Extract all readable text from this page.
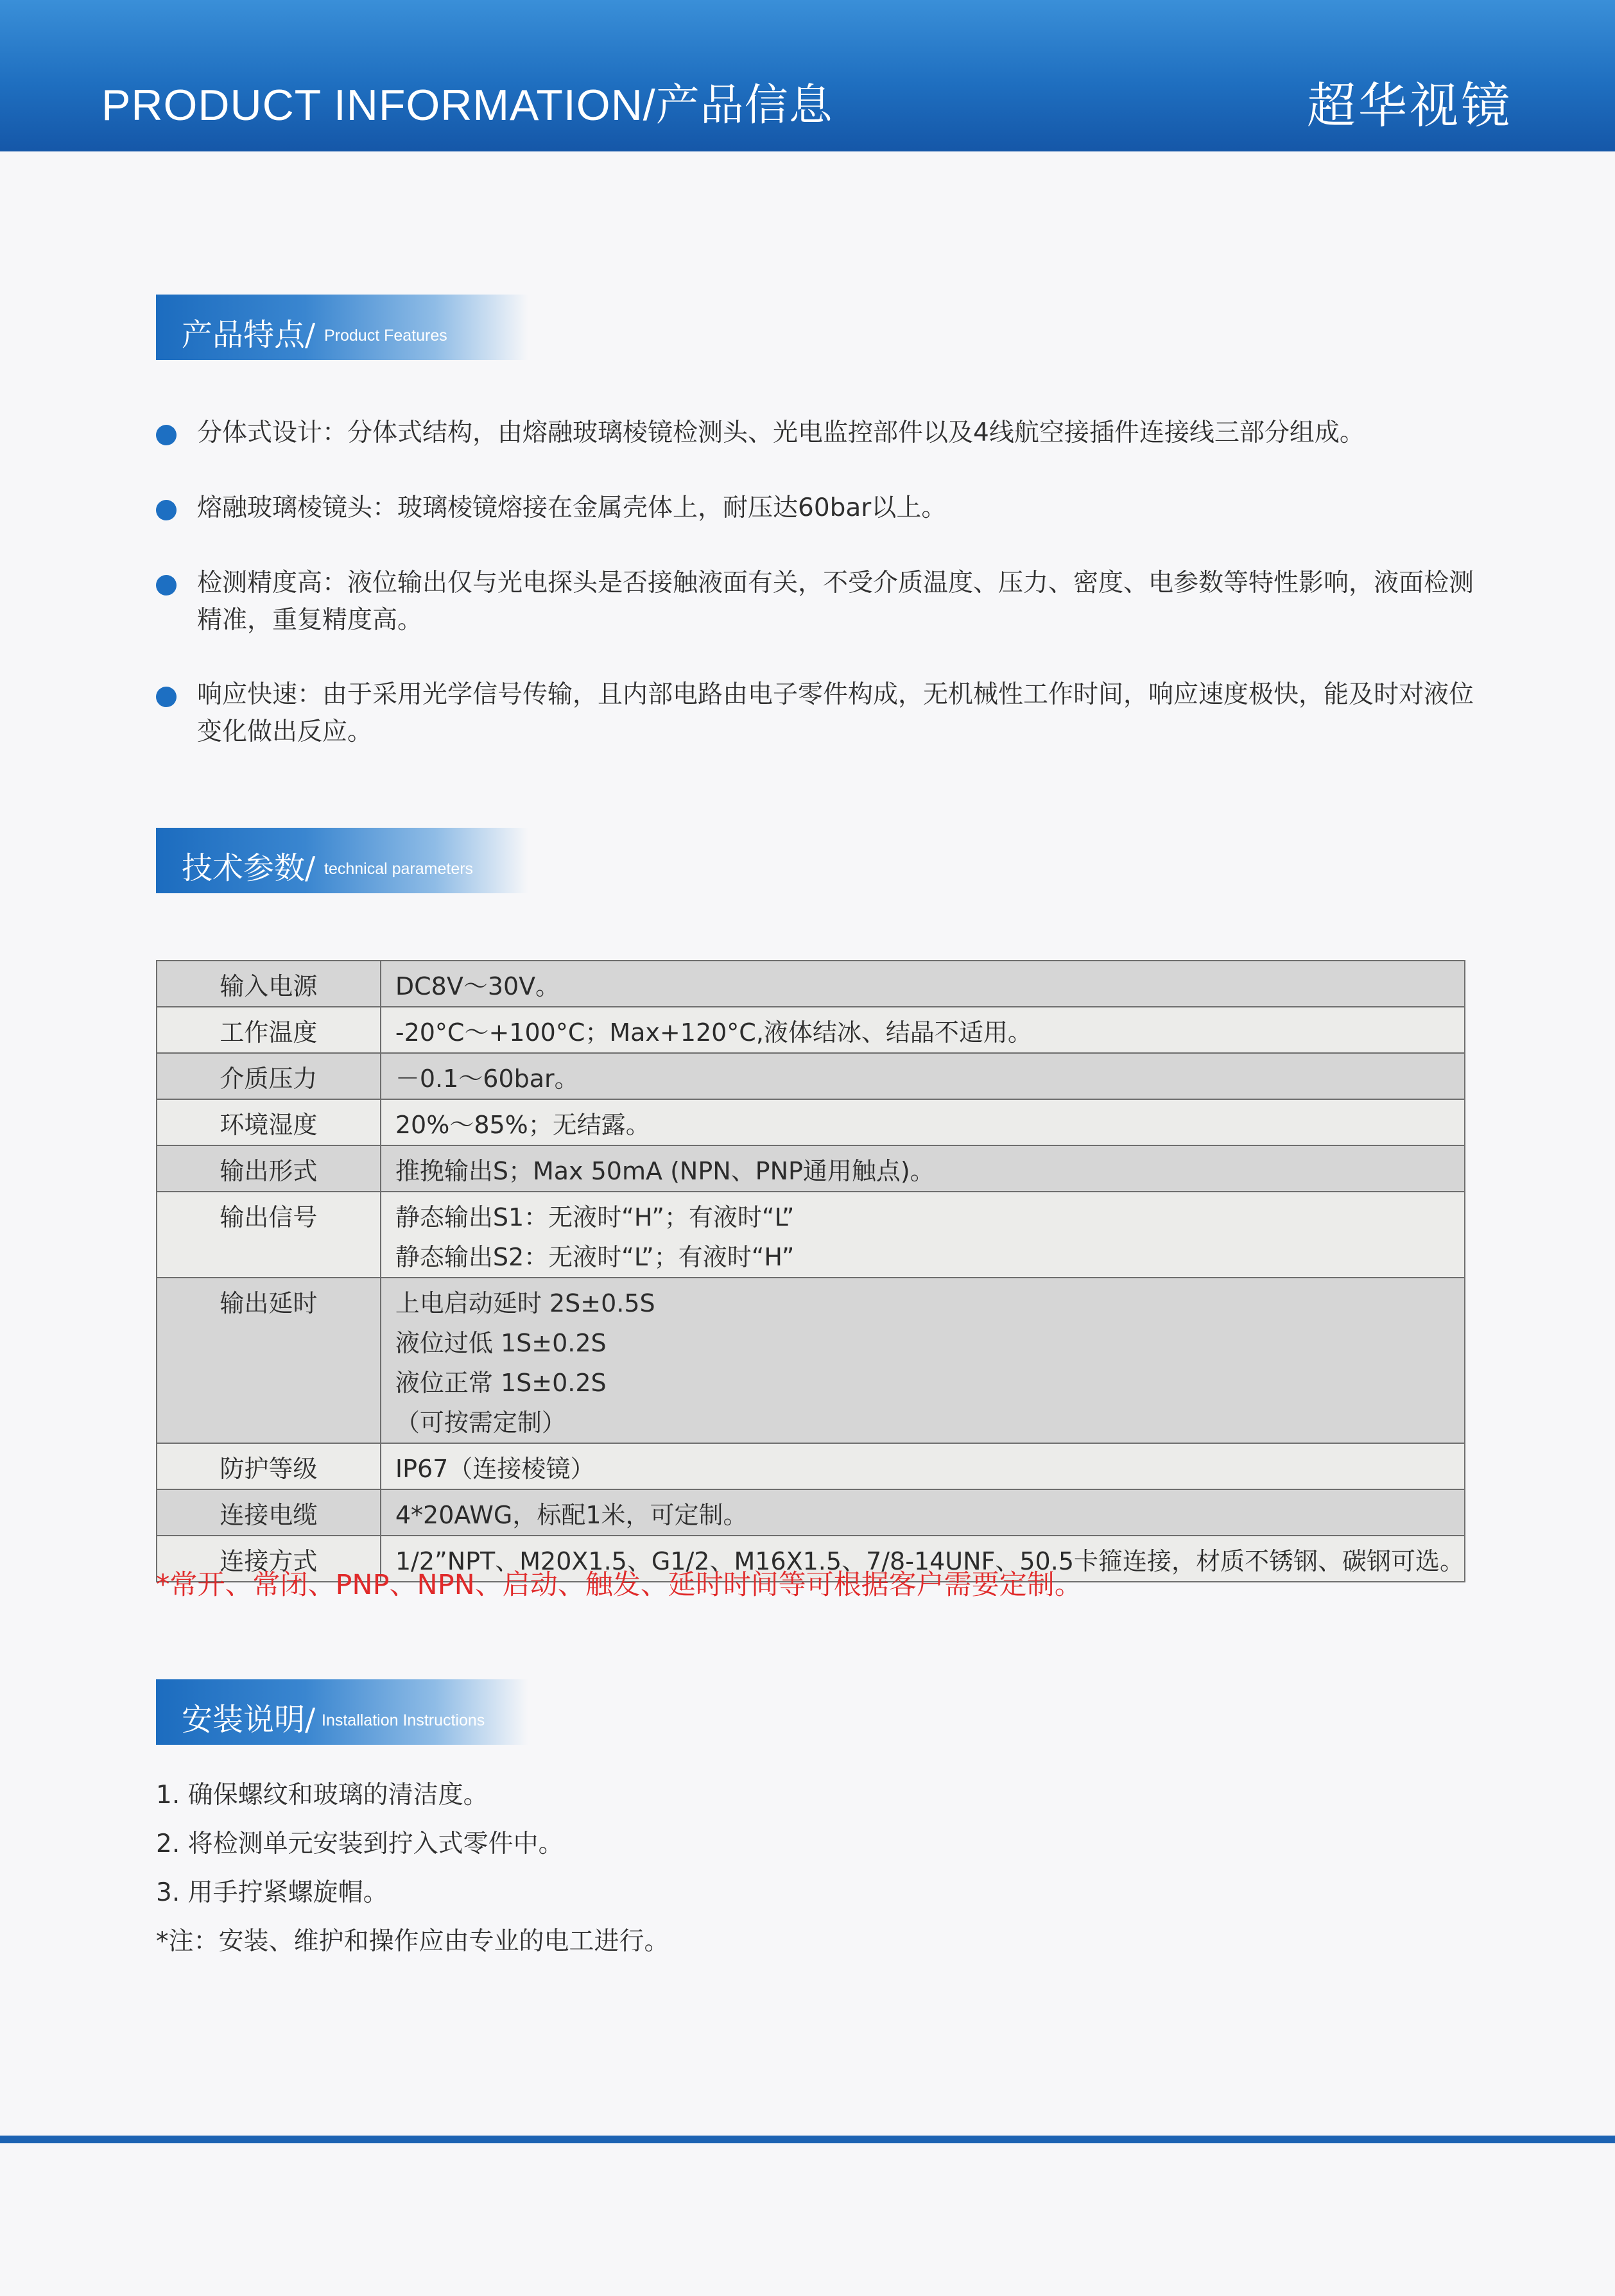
PRODUCT INFORMATION/产品信息	超华视镜
产品特点/ Product Features
分体式设计：分体式结构，由熔融玻璃棱镜检测头、光电监控部件以及4线航空接插件连接线三部分组成。
熔融玻璃棱镜头：玻璃棱镜熔接在金属壳体上，耐压达60bar以上。
检测精度高：液位输出仅与光电探头是否接触液面有关，不受介质温度、压力、密度、电参数等特性影响，液面检测精准，重复精度高。
响应快速：由于采用光学信号传输，且内部电路由电子零件构成，无机械性工作时间，响应速度极快，能及时对液位变化做出反应。
技术参数/ technical parameters
输入电源	DC8V～30V。

工作温度	-20°C～+100°C；Max+120°C,液体结冰、结晶不适用。

介质压力	－0.1～60bar。

环境湿度	20%～85%；无结露。

输出形式	推挽输出S；Max 50mA (NPN、PNP通用触点)。

输出信号	静态输出S1：无液时“H”；有液时“L”
静态输出S2：无液时“L”；有液时“H”

输出延时	上电启动延时 2S±0.5S
液位过低 1S±0.2S
液位正常 1S±0.2S
（可按需定制）

防护等级	IP67（连接棱镜）

连接电缆	4*20AWG，标配1米，可定制。

连接方式	1/2”NPT、M20X1.5、G1/2、M16X1.5、7/8-14UNF、50.5卡箍连接，材质不锈钢、碳钢可选。
*常开、常闭、PNP、NPN、启动、触发、延时时间等可根据客户需要定制。
安装说明/ Installation Instructions
1. 确保螺纹和玻璃的清洁度。
2. 将检测单元安装到拧入式零件中。
3. 用手拧紧螺旋帽。
*注：安装、维护和操作应由专业的电工进行。
